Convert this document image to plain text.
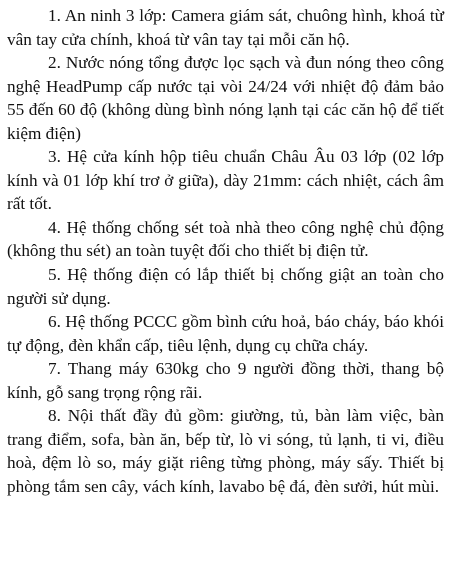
1. An ninh 3 lớp: Camera giám sát, chuông hình, khoá từ vân tay cửa chính, khoá từ vân tay tại mỗi căn hộ.

2. Nước nóng tổng được lọc sạch và đun nóng theo công nghệ HeadPump cấp nước tại vòi 24/24 với nhiệt độ đảm bảo 55 đến 60 độ (không dùng bình nóng lạnh tại các căn hộ để tiết kiệm điện)

3. Hệ cửa kính hộp tiêu chuẩn Châu Âu 03 lớp (02 lớp kính và 01 lớp khí trơ ở giữa), dày 21mm: cách nhiệt, cách âm rất tốt.

4. Hệ thống chống sét toà nhà theo công nghệ chủ động (không thu sét) an toàn tuyệt đối cho thiết bị điện tử.

5. Hệ thống điện có lắp thiết bị chống giật an toàn cho người sử dụng.

6. Hệ thống PCCC gồm bình cứu hoả, báo cháy, báo khói tự động, đèn khẩn cấp, tiêu lệnh, dụng cụ chữa cháy.

7. Thang máy 630kg cho 9 người đồng thời, thang bộ kính, gỗ sang trọng rộng rãi.

8. Nội thất đầy đủ gồm: giường, tủ, bàn làm việc, bàn trang điểm, sofa, bàn ăn, bếp từ, lò vi sóng, tủ lạnh, ti vi, điều hoà, đệm lò so, máy giặt riêng từng phòng, máy sấy. Thiết bị phòng tắm sen cây, vách kính, lavabo bệ đá, đèn sưởi, hút mùi.
